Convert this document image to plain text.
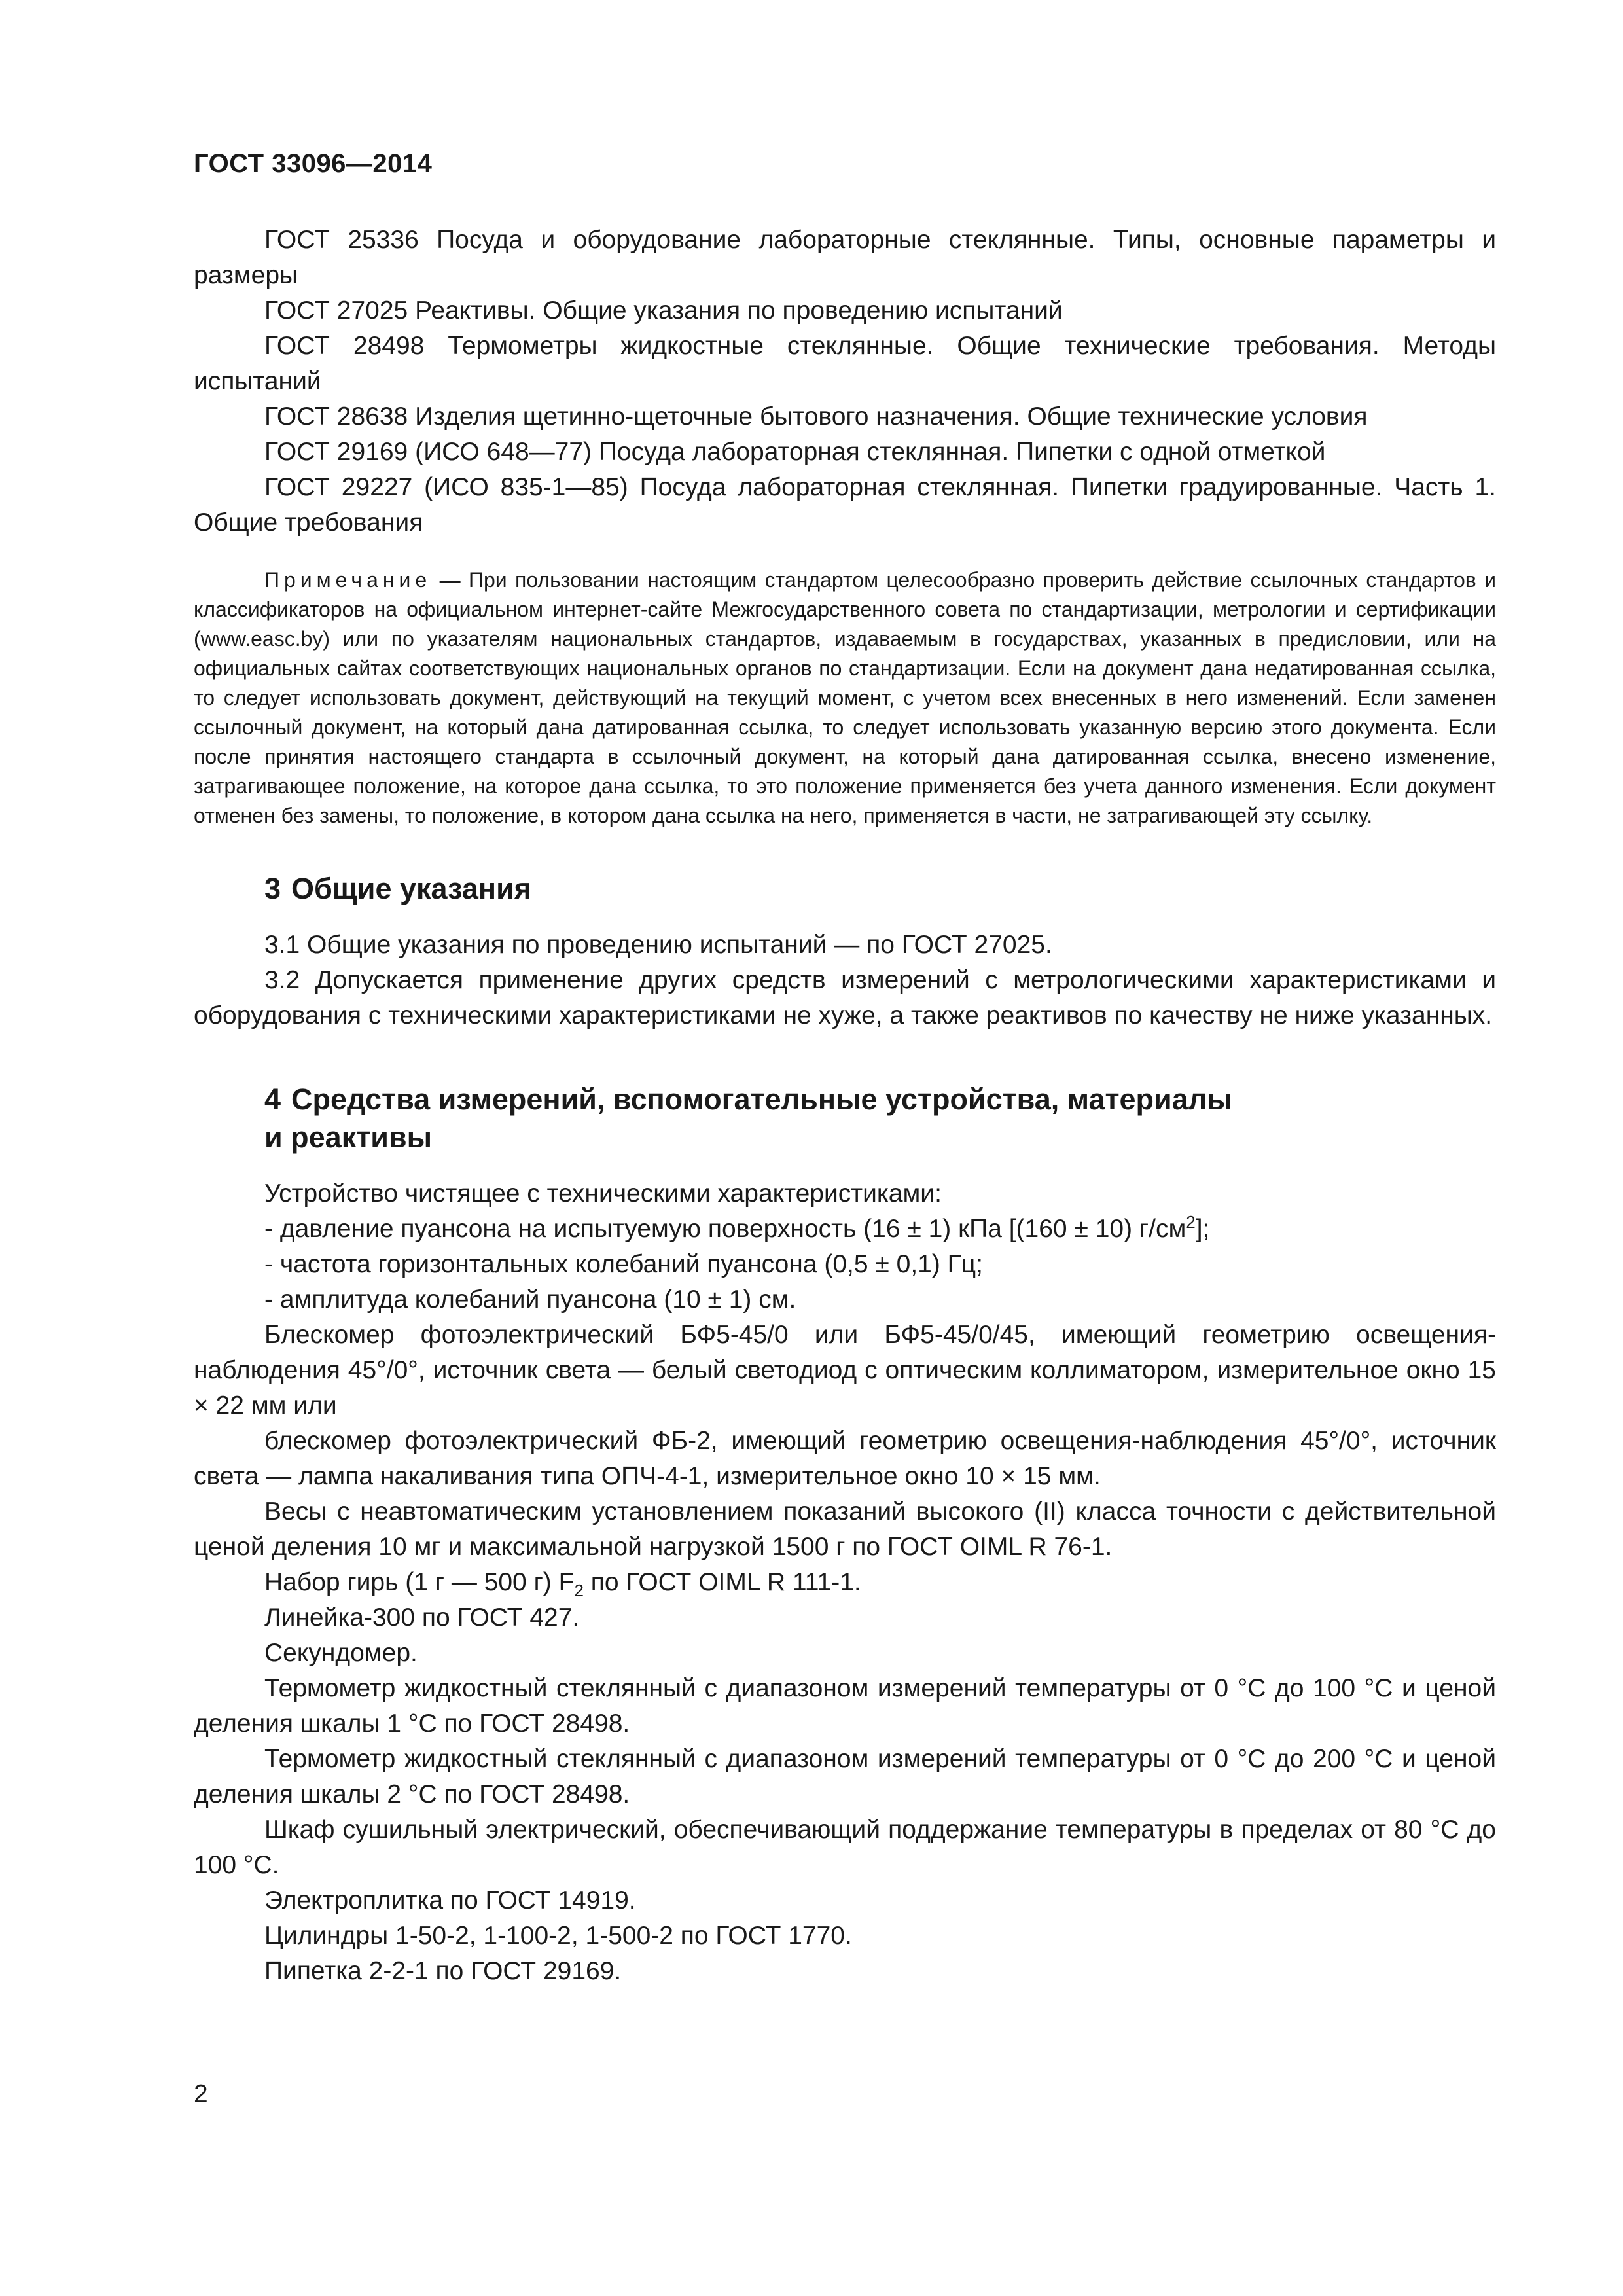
ГОСТ 33096—2014

ГОСТ 25336 Посуда и оборудование лабораторные стеклянные. Типы, основные параметры и размеры

ГОСТ 27025 Реактивы. Общие указания по проведению испытаний

ГОСТ 28498 Термометры жидкостные стеклянные. Общие технические требования. Методы испытаний

ГОСТ 28638 Изделия щетинно-щеточные бытового назначения. Общие технические условия

ГОСТ 29169 (ИСО 648—77) Посуда лабораторная стеклянная. Пипетки с одной отметкой

ГОСТ 29227 (ИСО 835-1—85) Посуда лабораторная стеклянная. Пипетки градуированные. Часть 1. Общие требования

Примечание — При пользовании настоящим стандартом целесообразно проверить действие ссылочных стандартов и классификаторов на официальном интернет-сайте Межгосударственного совета по стандартизации, метрологии и сертификации (www.easc.by) или по указателям национальных стандартов, издаваемым в государствах, указанных в предисловии, или на официальных сайтах соответствующих национальных органов по стандартизации. Если на документ дана недатированная ссылка, то следует использовать документ, действующий на текущий момент, с учетом всех внесенных в него изменений. Если заменен ссылочный документ, на который дана датированная ссылка, то следует использовать указанную версию этого документа. Если после принятия настоящего стандарта в ссылочный документ, на который дана датированная ссылка, внесено изменение, затрагивающее положение, на которое дана ссылка, то это положение применяется без учета данного изменения. Если документ отменен без замены, то положение, в котором дана ссылка на него, применяется в части, не затрагивающей эту ссылку.

3 Общие указания

3.1 Общие указания по проведению испытаний — по ГОСТ 27025.

3.2 Допускается применение других средств измерений с метрологическими характеристиками и оборудования с техническими характеристиками не хуже, а также реактивов по качеству не ниже указанных.

4 Средства измерений, вспомогательные устройства, материалы
и реактивы

Устройство чистящее с техническими характеристиками:

- давление пуансона на испытуемую поверхность (16 ± 1) кПа [(160 ± 10) $г/см^2$];

- частота горизонтальных колебаний пуансона (0,5 ± 0,1) Гц;

- амплитуда колебаний пуансона (10 ± 1) см.

Блескомер фотоэлектрический БФ5-45/0 или БФ5-45/0/45, имеющий геометрию освещения-наблюдения 45°/0°, источник света — белый светодиод с оптическим коллиматором, измерительное окно 15 × 22 мм или

блескомер фотоэлектрический ФБ-2, имеющий геометрию освещения-наблюдения 45°/0°, источник света — лампа накаливания типа ОПЧ-4-1, измерительное окно 10 × 15 мм.

Весы с неавтоматическим установлением показаний высокого (II) класса точности с действительной ценой деления 10 мг и максимальной нагрузкой 1500 г по ГОСТ OIML R 76-1.

Набор гирь (1 г — 500 г) $F_2$ по ГОСТ OIML R 111-1.

Линейка-300 по ГОСТ 427.

Секундомер.

Термометр жидкостный стеклянный с диапазоном измерений температуры от 0 °С до 100 °С и ценой деления шкалы 1 °С по ГОСТ 28498.

Термометр жидкостный стеклянный с диапазоном измерений температуры от 0 °С до 200 °С и ценой деления шкалы 2 °С по ГОСТ 28498.

Шкаф сушильный электрический, обеспечивающий поддержание температуры в пределах от 80 °С до 100 °С.

Электроплитка по ГОСТ 14919.

Цилиндры 1-50-2, 1-100-2, 1-500-2 по ГОСТ 1770.

Пипетка 2-2-1 по ГОСТ 29169.

2
